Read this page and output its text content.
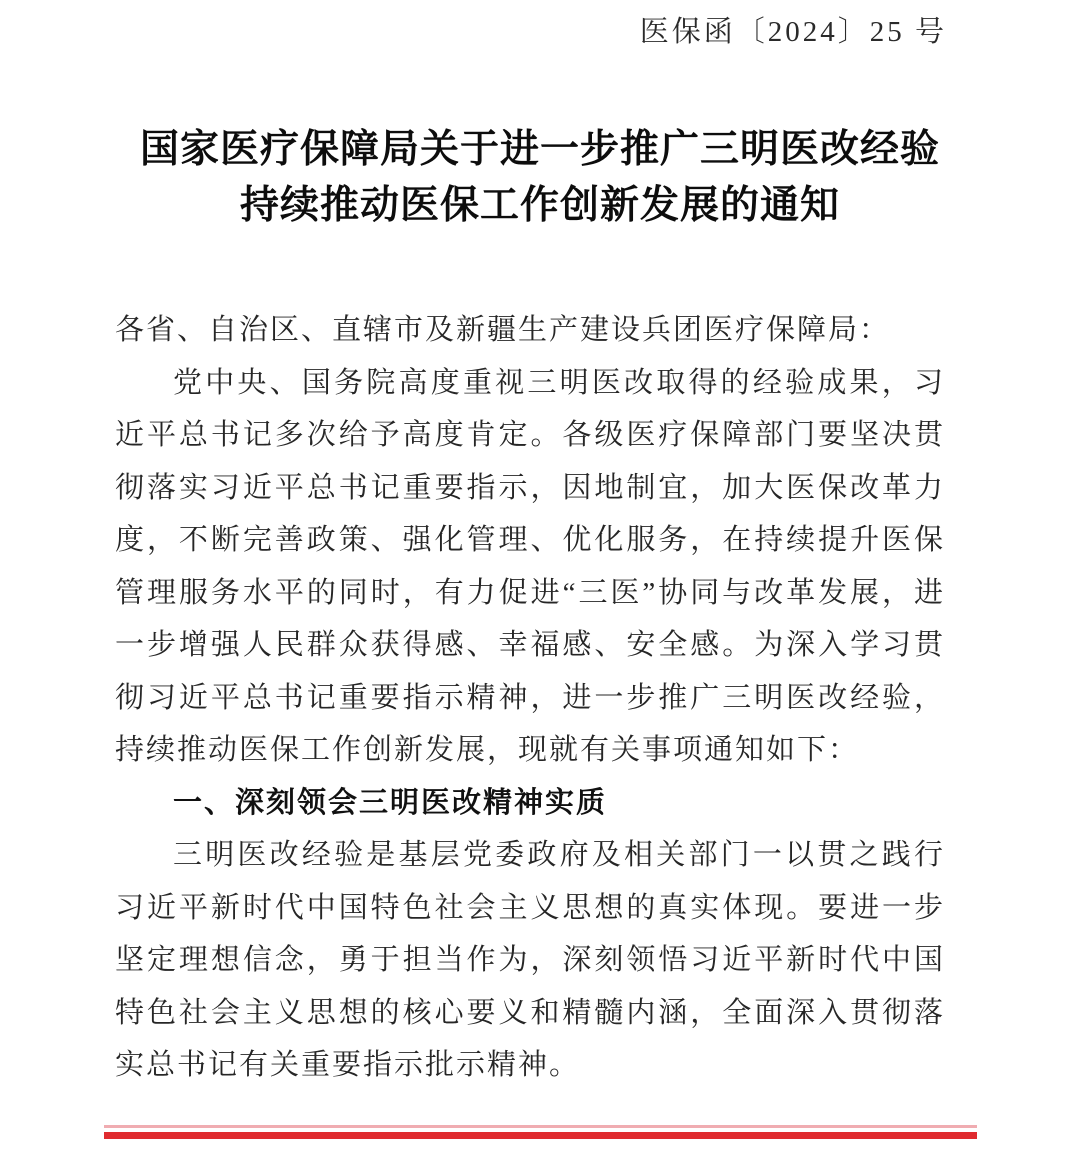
医保函〔2024〕25 号
国家医疗保障局关于进一步推广三明医改经验
持续推动医保工作创新发展的通知

各省、自治区、直辖市及新疆生产建设兵团医疗保障局：

党中央、国务院高度重视三明医改取得的经验成果，习近平总书记多次给予高度肯定。各级医疗保障部门要坚决贯彻落实习近平总书记重要指示，因地制宜，加大医保改革力度，不断完善政策、强化管理、优化服务，在持续提升医保管理服务水平的同时，有力促进“三医”协同与改革发展，进一步增强人民群众获得感、幸福感、安全感。为深入学习贯彻习近平总书记重要指示精神，进一步推广三明医改经验，持续推动医保工作创新发展，现就有关事项通知如下：

一、深刻领会三明医改精神实质

三明医改经验是基层党委政府及相关部门一以贯之践行习近平新时代中国特色社会主义思想的真实体现。要进一步坚定理想信念，勇于担当作为，深刻领悟习近平新时代中国特色社会主义思想的核心要义和精髓内涵，全面深入贯彻落实总书记有关重要指示批示精神。
